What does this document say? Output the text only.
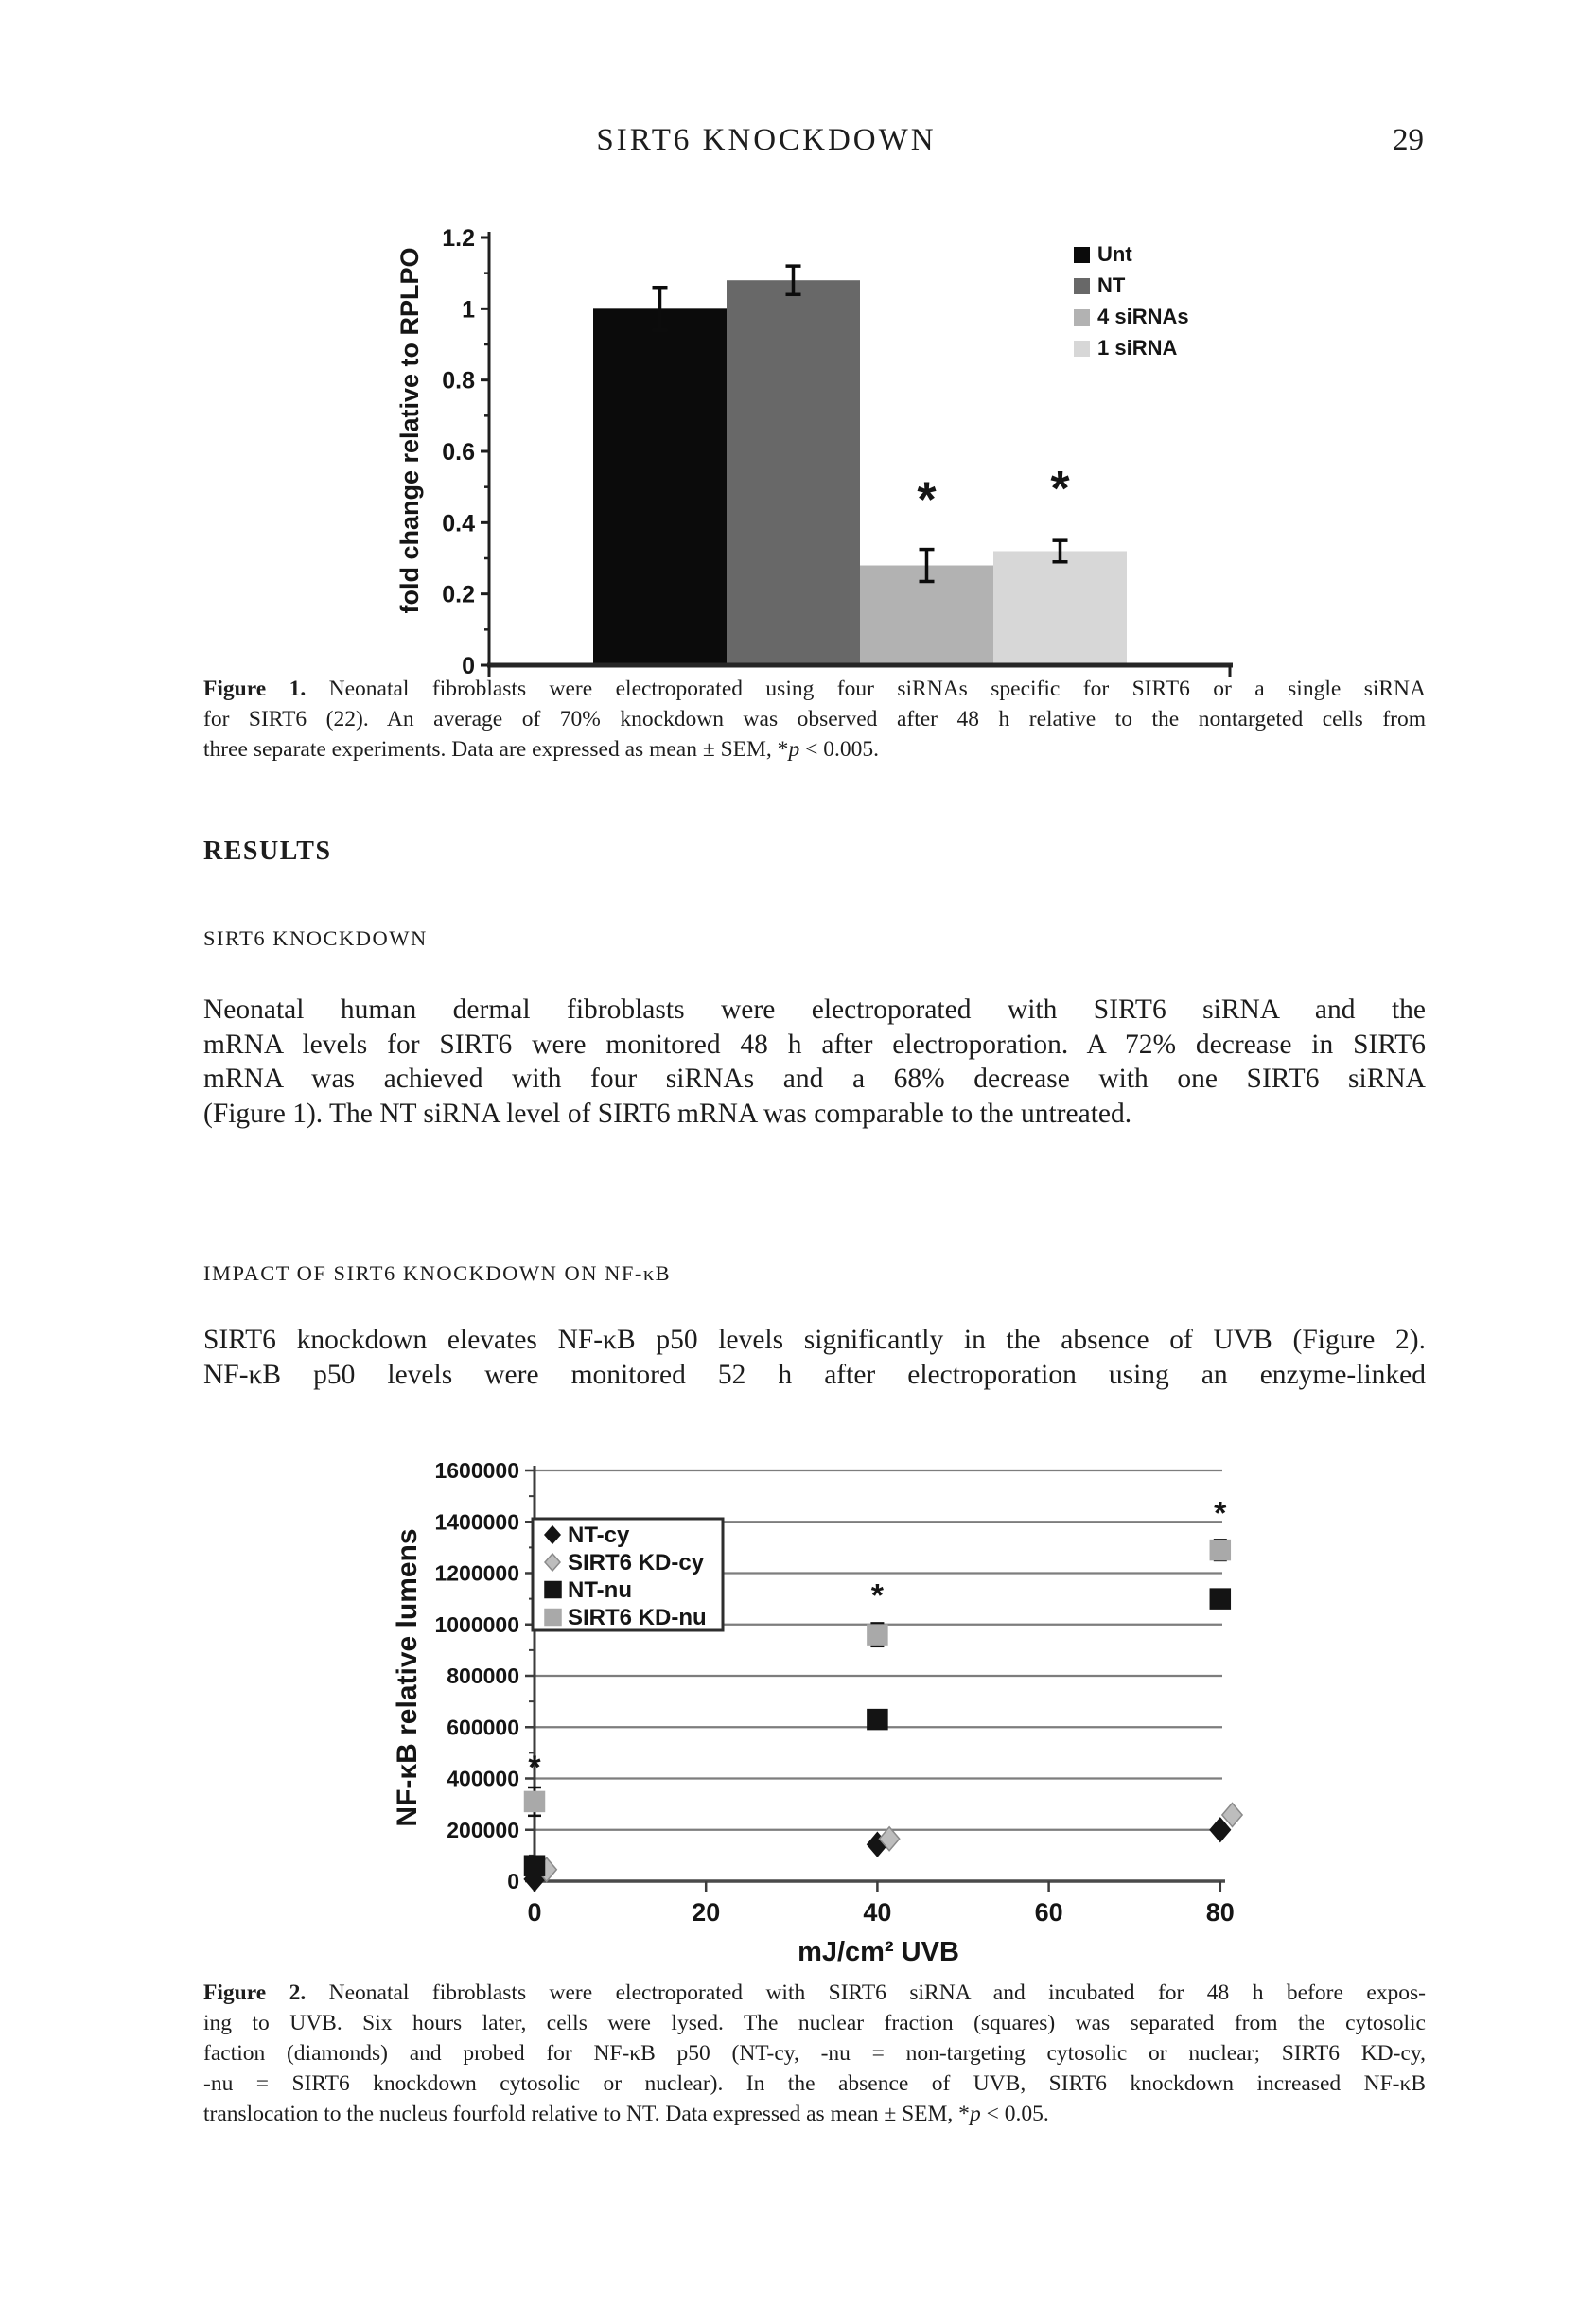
SIRT6 KNOCKDOWN	29
0
0.2
0.4
0.6
0.8
1
1.2
* *
Unt
NT
4 siRNAs
1 siRNA
fold change relative to RPLPO
Figure 1. Neonatal fibroblasts were electroporated using four siRNAs specific for SIRT6 or a single siRNA
for SIRT6 (22). An average of 70% knockdown was observed after 48 h relative to the nontargeted cells from
three separate experiments. Data are expressed as mean ± SEM, *p < 0.005.
RESULTS
SIRT6 KNOCKDOWN
Neonatal human dermal fibroblasts were electroporated with SIRT6 siRNA and the
mRNA levels for SIRT6 were monitored 48 h after electroporation. A 72% decrease in SIRT6
mRNA was achieved with four siRNAs and a 68% decrease with one SIRT6 siRNA
(Figure 1). The NT siRNA level of SIRT6 mRNA was comparable to the untreated.
IMPACT OF SIRT6 KNOCKDOWN ON NF-κB
SIRT6 knockdown elevates NF-κB p50 levels significantly in the absence of UVB (Figure 2).
NF-κB p50 levels were monitored 52 h after electroporation using an enzyme-linked
0
200000
400000
600000
800000
1000000
1200000
1400000
1600000
0	20	40	60	80
mJ/cm² UVB
NF-κB relative lumens	*
*
*
NT-cy
SIRT6 KD-cy
NT-nu
SIRT6 KD-nu
Figure 2. Neonatal fibroblasts were electroporated with SIRT6 siRNA and incubated for 48 h before expos-
ing to UVB. Six hours later, cells were lysed. The nuclear fraction (squares) was separated from the cytosolic
faction (diamonds) and probed for NF-κB p50 (NT-cy, -nu = non-targeting cytosolic or nuclear; SIRT6 KD-cy,
-nu = SIRT6 knockdown cytosolic or nuclear). In the absence of UVB, SIRT6 knockdown increased NF-κB
translocation to the nucleus fourfold relative to NT. Data expressed as mean ± SEM, *p < 0.05.
